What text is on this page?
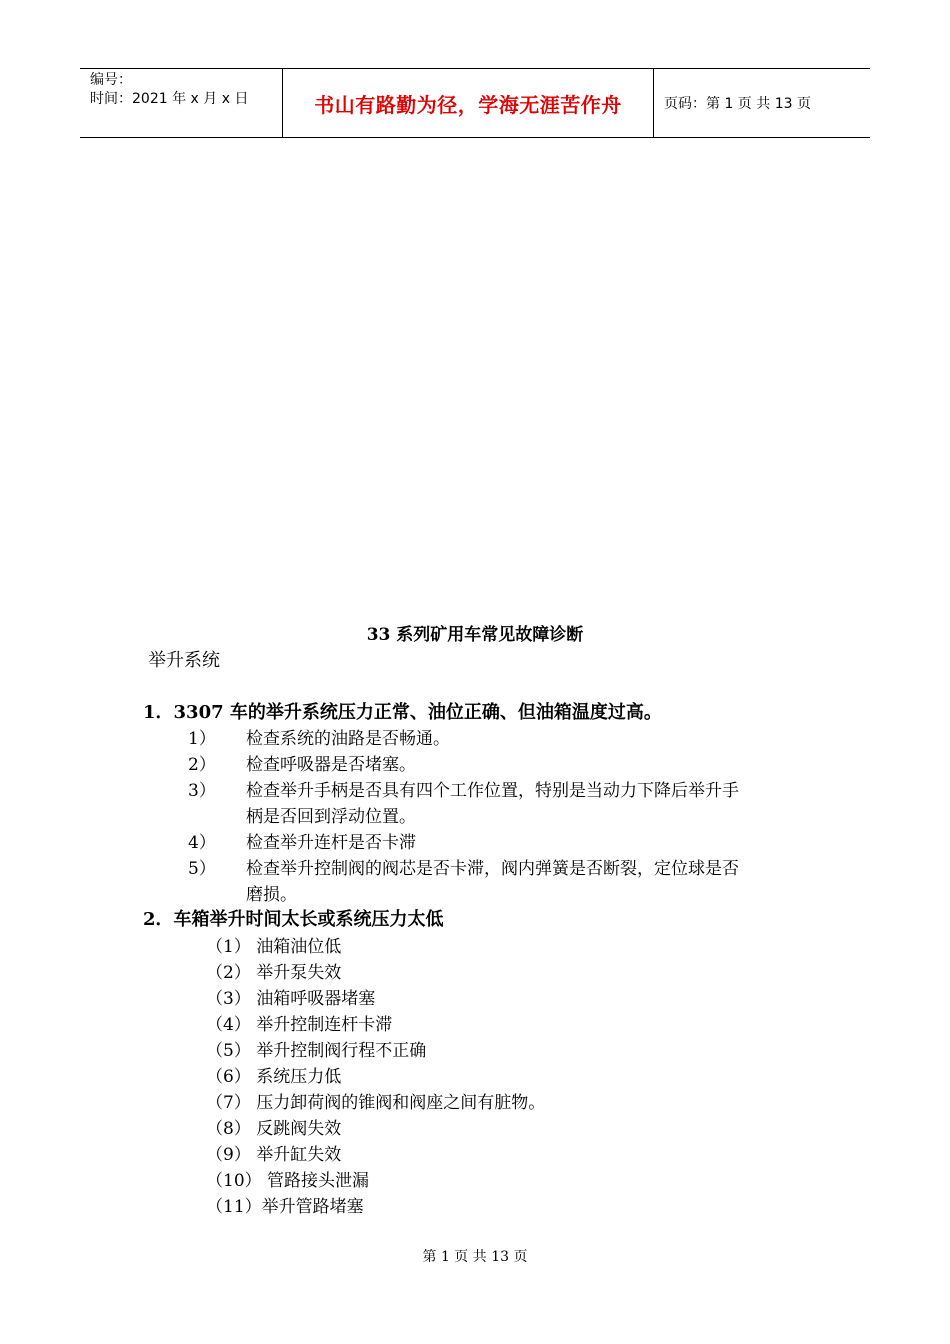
编号：
时间：2021 年 x 月 x 日	书山有路勤为径，学海无涯苦作舟	页码：第 1 页 共 13 页
33 系列矿用车常见故障诊断
举升系统
1．3307 车的举升系统压力正常、油位正确、但油箱温度过高。
1） 检查系统的油路是否畅通。
2） 检查呼吸器是否堵塞。
3） 检查举升手柄是否具有四个工作位置，特别是当动力下降后举升手
柄是否回到浮动位置。
4） 检查举升连杆是否卡滞
5） 检查举升控制阀的阀芯是否卡滞，阀内弹簧是否断裂，定位球是否
磨损。
2．车箱举升时间太长或系统压力太低
（1） 油箱油位低
（2） 举升泵失效
（3） 油箱呼吸器堵塞
（4） 举升控制连杆卡滞
（5） 举升控制阀行程不正确
（6） 系统压力低
（7） 压力卸荷阀的锥阀和阀座之间有脏物。
（8） 反跳阀失效
（9） 举升缸失效
（10） 管路接头泄漏
（11）举升管路堵塞
第 1 页 共 13 页
